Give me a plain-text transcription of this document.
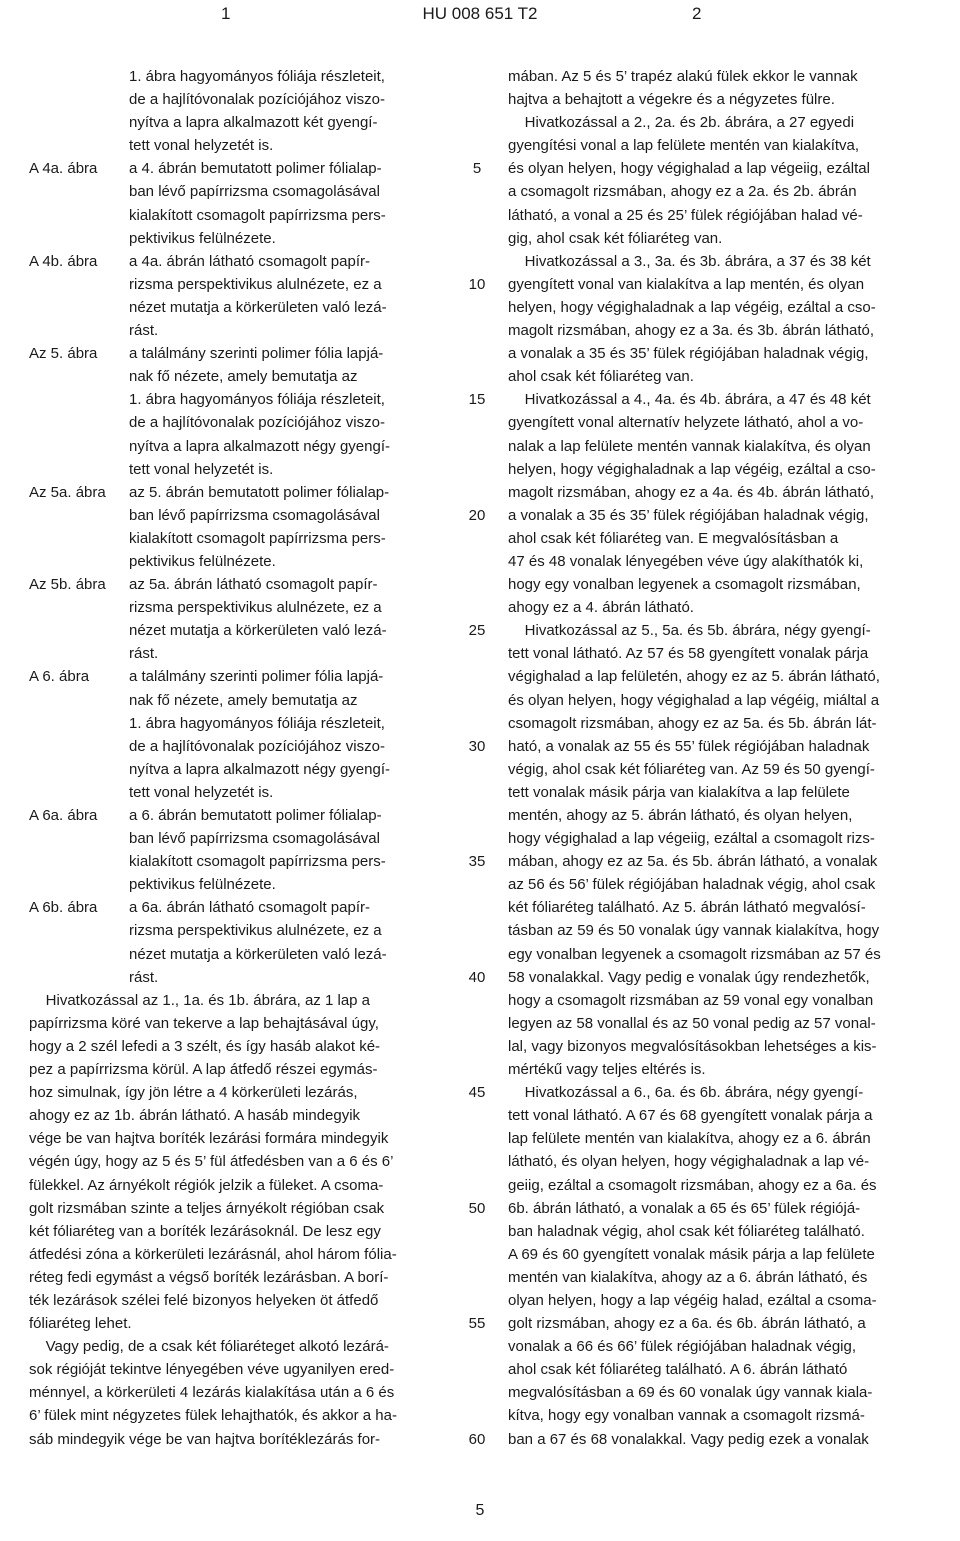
1	HU 008 651 T2	2
1. ábra hagyományos fóliája részleteit,
de a hajlítóvonalak pozíciójához viszo-
nyítva a lapra alkalmazott két gyengí-
tett vonal helyzetét is.
A 4a. ábra a 4. ábrán bemutatott polimer fólialap-
ban lévő papírrizsma csomagolásával
kialakított csomagolt papírrizsma pers-
pektivikus felülnézete.
A 4b. ábra a 4a. ábrán látható csomagolt papír-
rizsma perspektivikus alulnézete, ez a
nézet mutatja a körkerületen való lezá-
rást.
Az 5. ábra a találmány szerinti polimer fólia lapjá-
nak fő nézete, amely bemutatja az
1. ábra hagyományos fóliája részleteit,
de a hajlítóvonalak pozíciójához viszo-
nyítva a lapra alkalmazott négy gyengí-
tett vonal helyzetét is.
Az 5a. ábra az 5. ábrán bemutatott polimer fólialap-
ban lévő papírrizsma csomagolásával
kialakított csomagolt papírrizsma pers-
pektivikus felülnézete.
Az 5b. ábra az 5a. ábrán látható csomagolt papír-
rizsma perspektivikus alulnézete, ez a
nézet mutatja a körkerületen való lezá-
rást.
A 6. ábra	a találmány szerinti polimer fólia lapjá-
nak fő nézete, amely bemutatja az
1. ábra hagyományos fóliája részleteit,
de a hajlítóvonalak pozíciójához viszo-
nyítva a lapra alkalmazott négy gyengí-
tett vonal helyzetét is.
A 6a. ábra a 6. ábrán bemutatott polimer fólialap-
ban lévő papírrizsma csomagolásával
kialakított csomagolt papírrizsma pers-
pektivikus felülnézete.
A 6b. ábra a 6a. ábrán látható csomagolt papír-
rizsma perspektivikus alulnézete, ez a
nézet mutatja a körkerületen való lezá-
rást.
Hivatkozással az 1., 1a. és 1b. ábrára, az 1 lap a
papírrizsma köré van tekerve a lap behajtásával úgy,
hogy a 2 szél lefedi a 3 szélt, és így hasáb alakot ké-
pez a papírrizsma körül. A lap átfedő részei egymás-
hoz simulnak, így jön létre a 4 körkerületi lezárás,
ahogy ez az 1b. ábrán látható. A hasáb mindegyik
vége be van hajtva boríték lezárási formára mindegyik
végén úgy, hogy az 5 és 5’ fül átfedésben van a 6 és 6’
fülekkel. Az árnyékolt régiók jelzik a füleket. A csoma-
golt rizsmában szinte a teljes árnyékolt régióban csak
két fóliaréteg van a boríték lezárásoknál. De lesz egy
átfedési zóna a körkerületi lezárásnál, ahol három fólia-
réteg fedi egymást a végső boríték lezárásban. A borí-
ték lezárások szélei felé bizonyos helyeken öt átfedő
fóliaréteg lehet.
Vagy pedig, de a csak két fóliaréteget alkotó lezárá-
sok régióját tekintve lényegében véve ugyanilyen ered-
ménnyel, a körkerületi 4 lezárás kialakítása után a 6 és
6’ fülek mint négyzetes fülek lehajthatók, és akkor a ha-
sáb mindegyik vége be van hajtva borítéklezárás for-
5
10
15
20
25
30
35
40
45
50
55
60
mában. Az 5 és 5’ trapéz alakú fülek ekkor le vannak
hajtva a behajtott a végekre és a négyzetes fülre.
Hivatkozással a 2., 2a. és 2b. ábrára, a 27 egyedi
gyengítési vonal a lap felülete mentén van kialakítva,
és olyan helyen, hogy végighalad a lap végeiig, ezáltal
a csomagolt rizsmában, ahogy ez a 2a. és 2b. ábrán
látható, a vonal a 25 és 25’ fülek régiójában halad vé-
gig, ahol csak két fóliaréteg van.
Hivatkozással a 3., 3a. és 3b. ábrára, a 37 és 38 két
gyengített vonal van kialakítva a lap mentén, és olyan
helyen, hogy végighaladnak a lap végéig, ezáltal a cso-
magolt rizsmában, ahogy ez a 3a. és 3b. ábrán látható,
a vonalak a 35 és 35’ fülek régiójában haladnak végig,
ahol csak két fóliaréteg van.
Hivatkozással a 4., 4a. és 4b. ábrára, a 47 és 48 két
gyengített vonal alternatív helyzete látható, ahol a vo-
nalak a lap felülete mentén vannak kialakítva, és olyan
helyen, hogy végighaladnak a lap végéig, ezáltal a cso-
magolt rizsmában, ahogy ez a 4a. és 4b. ábrán látható,
a vonalak a 35 és 35’ fülek régiójában haladnak végig,
ahol csak két fóliaréteg van. E megvalósításban a
47 és 48 vonalak lényegében véve úgy alakíthatók ki,
hogy egy vonalban legyenek a csomagolt rizsmában,
ahogy ez a 4. ábrán látható.
Hivatkozással az 5., 5a. és 5b. ábrára, négy gyengí-
tett vonal látható. Az 57 és 58 gyengített vonalak párja
végighalad a lap felületén, ahogy ez az 5. ábrán látható,
és olyan helyen, hogy végighalad a lap végéig, miáltal a
csomagolt rizsmában, ahogy ez az 5a. és 5b. ábrán lát-
ható, a vonalak az 55 és 55’ fülek régiójában haladnak
végig, ahol csak két fóliaréteg van. Az 59 és 50 gyengí-
tett vonalak másik párja van kialakítva a lap felülete
mentén, ahogy az 5. ábrán látható, és olyan helyen,
hogy végighalad a lap végeiig, ezáltal a csomagolt rizs-
mában, ahogy ez az 5a. és 5b. ábrán látható, a vonalak
az 56 és 56’ fülek régiójában haladnak végig, ahol csak
két fóliaréteg található. Az 5. ábrán látható megvalósí-
tásban az 59 és 50 vonalak úgy vannak kialakítva, hogy
egy vonalban legyenek a csomagolt rizsmában az 57 és
58 vonalakkal. Vagy pedig e vonalak úgy rendezhetők,
hogy a csomagolt rizsmában az 59 vonal egy vonalban
legyen az 58 vonallal és az 50 vonal pedig az 57 vonal-
lal, vagy bizonyos megvalósításokban lehetséges a kis-
mértékű vagy teljes eltérés is.
Hivatkozással a 6., 6a. és 6b. ábrára, négy gyengí-
tett vonal látható. A 67 és 68 gyengített vonalak párja a
lap felülete mentén van kialakítva, ahogy ez a 6. ábrán
látható, és olyan helyen, hogy végighaladnak a lap vé-
geiig, ezáltal a csomagolt rizsmában, ahogy ez a 6a. és
6b. ábrán látható, a vonalak a 65 és 65’ fülek régiójá-
ban haladnak végig, ahol csak két fóliaréteg található.
A 69 és 60 gyengített vonalak másik párja a lap felülete
mentén van kialakítva, ahogy az a 6. ábrán látható, és
olyan helyen, hogy a lap végéig halad, ezáltal a csoma-
golt rizsmában, ahogy ez a 6a. és 6b. ábrán látható, a
vonalak a 66 és 66’ fülek régiójában haladnak végig,
ahol csak két fóliaréteg található. A 6. ábrán látható
megvalósításban a 69 és 60 vonalak úgy vannak kiala-
kítva, hogy egy vonalban vannak a csomagolt rizsmá-
ban a 67 és 68 vonalakkal. Vagy pedig ezek a vonalak
5
